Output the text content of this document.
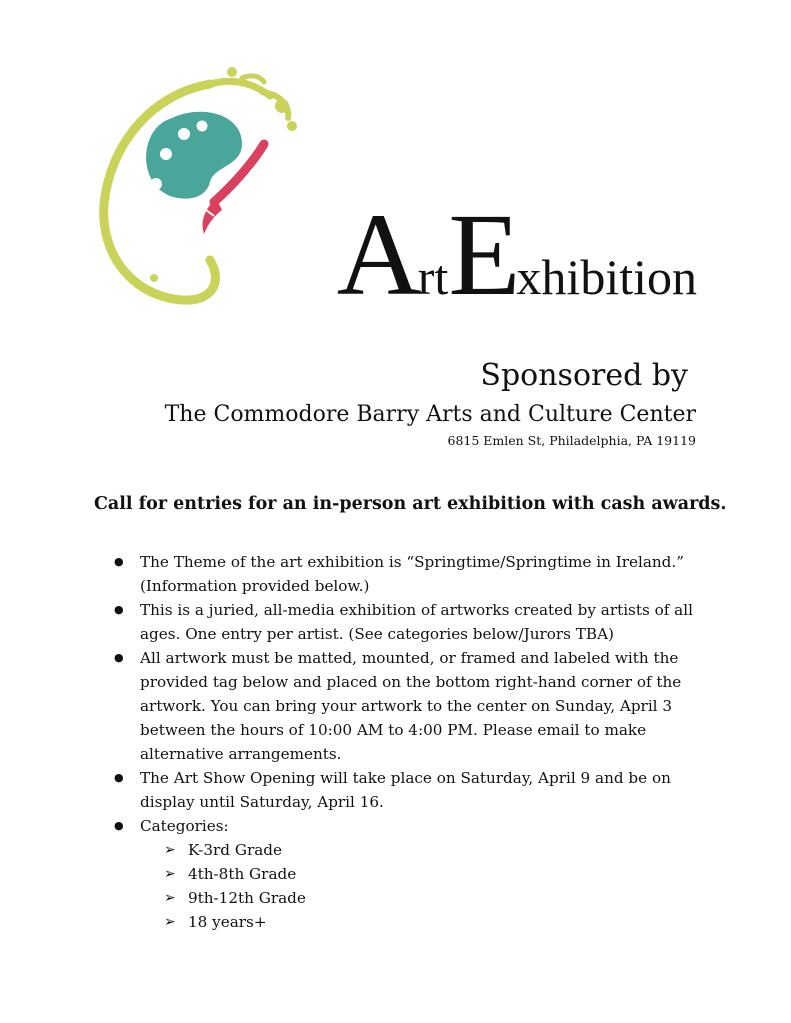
ArtExhibition
Sponsored by
The Commodore Barry Arts and Culture Center
6815 Emlen St, Philadelphia, PA 19119
Call for entries for an in-person art exhibition with cash awards.
● The Theme of the art exhibition is “Springtime/Springtime in Ireland.” (Information provided below.)
● This is a juried, all-media exhibition of artworks created by artists of all ages. One entry per artist. (See categories below/Jurors TBA)
● All artwork must be matted, mounted, or framed and labeled with the provided tag below and placed on the bottom right-hand corner of the artwork. You can bring your artwork to the center on Sunday, April 3 between the hours of 10:00 AM to 4:00 PM. Please email to make alternative arrangements.
● The Art Show Opening will take place on Saturday, April 9 and be on display until Saturday, April 16.
● Categories:
➢ K-3rd Grade
➢ 4th-8th Grade
➢ 9th-12th Grade
➢ 18 years+
